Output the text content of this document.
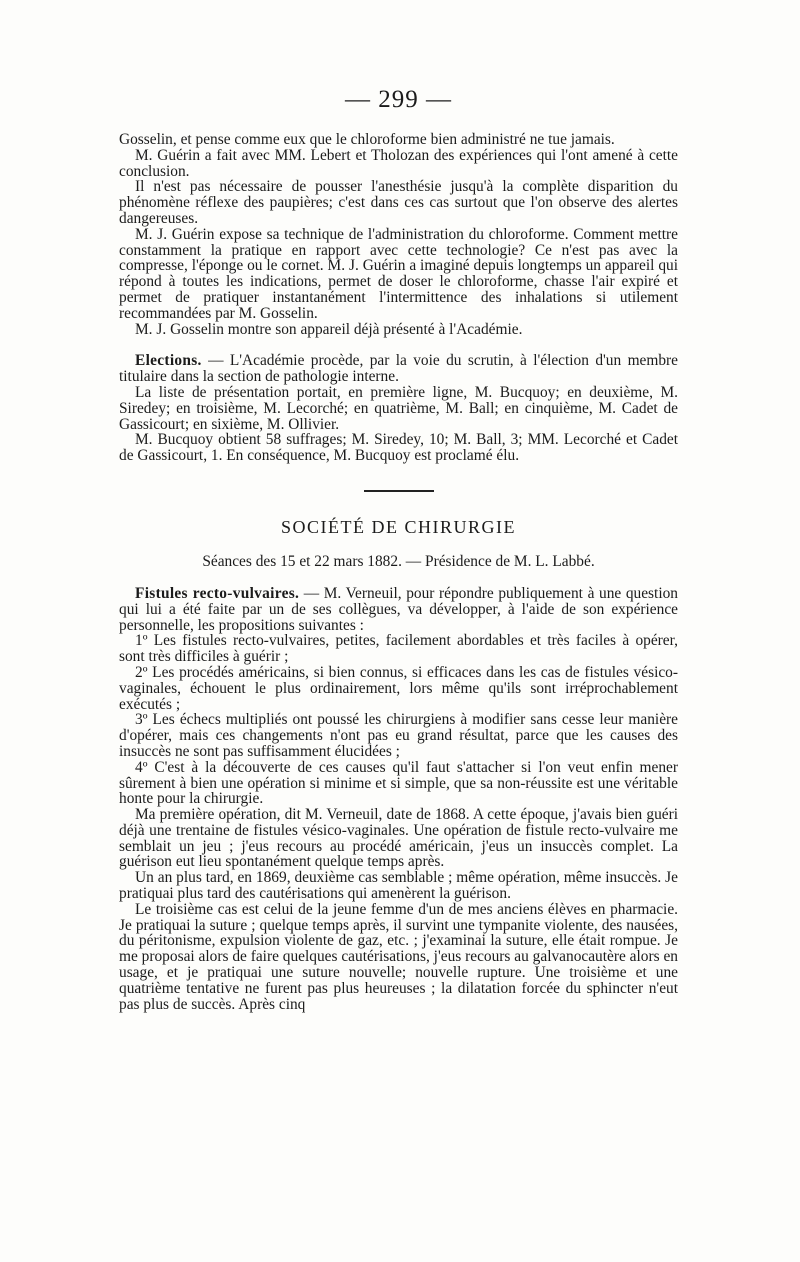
— 299 —

Gosselin, et pense comme eux que le chloroforme bien administré ne tue jamais.

M. Guérin a fait avec MM. Lebert et Tholozan des expériences qui l'ont amené à cette conclusion.

Il n'est pas nécessaire de pousser l'anesthésie jusqu'à la complète disparition du phénomène réflexe des paupières; c'est dans ces cas surtout que l'on observe des alertes dangereuses.

M. J. Guérin expose sa technique de l'administration du chloroforme. Comment mettre constamment la pratique en rapport avec cette technologie? Ce n'est pas avec la compresse, l'éponge ou le cornet. M. J. Guérin a imaginé depuis longtemps un appareil qui répond à toutes les indications, permet de doser le chloroforme, chasse l'air expiré et permet de pratiquer instantanément l'intermittence des inhalations si utilement recommandées par M. Gosselin.

M. J. Gosselin montre son appareil déjà présenté à l'Académie.

Elections. — L'Académie procède, par la voie du scrutin, à l'élection d'un membre titulaire dans la section de pathologie interne.

La liste de présentation portait, en première ligne, M. Bucquoy; en deuxième, M. Siredey; en troisième, M. Lecorché; en quatrième, M. Ball; en cinquième, M. Cadet de Gassicourt; en sixième, M. Ollivier.

M. Bucquoy obtient 58 suffrages; M. Siredey, 10; M. Ball, 3; MM. Lecorché et Cadet de Gassicourt, 1. En conséquence, M. Bucquoy est proclamé élu.

SOCIÉTÉ DE CHIRURGIE
Séances des 15 et 22 mars 1882. — Présidence de M. L. Labbé.

Fistules recto-vulvaires. — M. Verneuil, pour répondre publiquement à une question qui lui a été faite par un de ses collègues, va développer, à l'aide de son expérience personnelle, les propositions suivantes :

1º Les fistules recto-vulvaires, petites, facilement abordables et très faciles à opérer, sont très difficiles à guérir ;

2º Les procédés américains, si bien connus, si efficaces dans les cas de fistules vésico-vaginales, échouent le plus ordinairement, lors même qu'ils sont irréprochablement exécutés ;

3º Les échecs multipliés ont poussé les chirurgiens à modifier sans cesse leur manière d'opérer, mais ces changements n'ont pas eu grand résultat, parce que les causes des insuccès ne sont pas suffisamment élucidées ;

4º C'est à la découverte de ces causes qu'il faut s'attacher si l'on veut enfin mener sûrement à bien une opération si minime et si simple, que sa non-réussite est une véritable honte pour la chirurgie.

Ma première opération, dit M. Verneuil, date de 1868. A cette époque, j'avais bien guéri déjà une trentaine de fistules vésico-vaginales. Une opération de fistule recto-vulvaire me semblait un jeu ; j'eus recours au procédé américain, j'eus un insuccès complet. La guérison eut lieu spontanément quelque temps après.

Un an plus tard, en 1869, deuxième cas semblable ; même opération, même insuccès. Je pratiquai plus tard des cautérisations qui amenèrent la guérison.

Le troisième cas est celui de la jeune femme d'un de mes anciens élèves en pharmacie. Je pratiquai la suture ; quelque temps après, il survint une tympanite violente, des nausées, du péritonisme, expulsion violente de gaz, etc. ; j'examinai la suture, elle était rompue. Je me proposai alors de faire quelques cautérisations, j'eus recours au galvanocautère alors en usage, et je pratiquai une suture nouvelle; nouvelle rupture. Une troisième et une quatrième tentative ne furent pas plus heureuses ; la dilatation forcée du sphincter n'eut pas plus de succès. Après cinq
